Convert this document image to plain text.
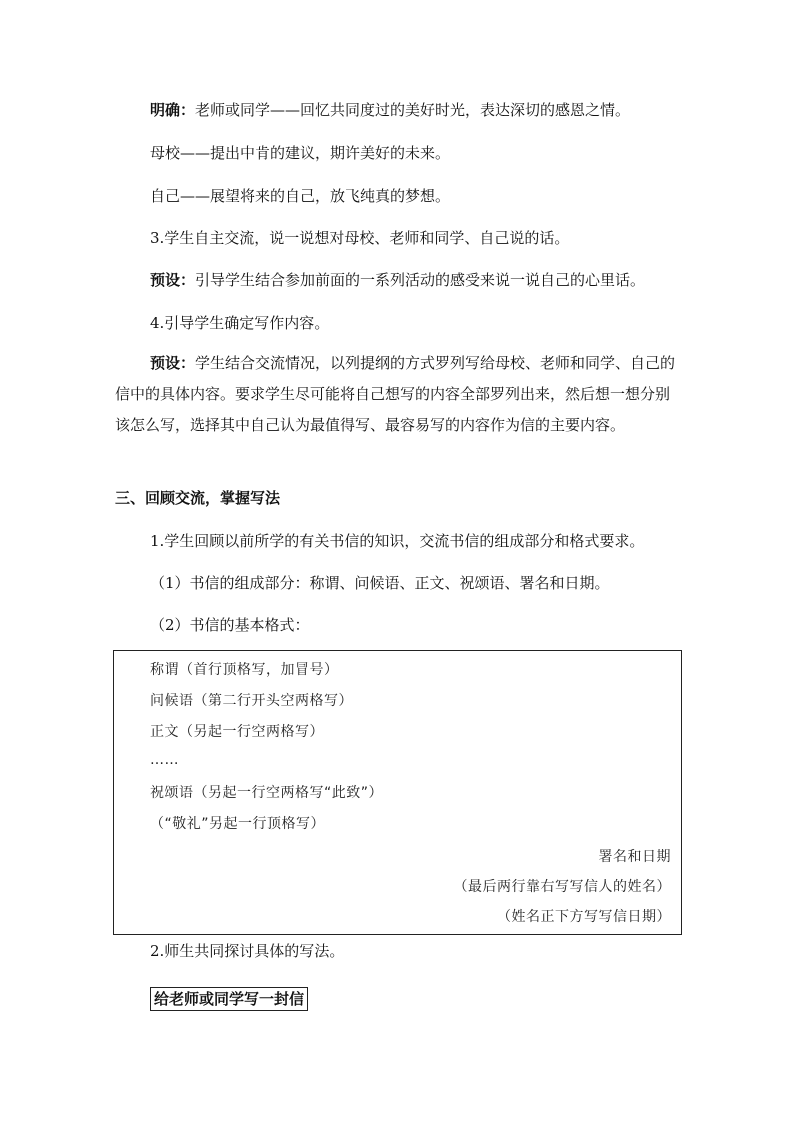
明确：老师或同学——回忆共同度过的美好时光，表达深切的感恩之情。

母校——提出中肯的建议，期许美好的未来。

自己——展望将来的自己，放飞纯真的梦想。

3.学生自主交流，说一说想对母校、老师和同学、自己说的话。

预设：引导学生结合参加前面的一系列活动的感受来说一说自己的心里话。

4.引导学生确定写作内容。

预设：学生结合交流情况，以列提纲的方式罗列写给母校、老师和同学、自己的信中的具体内容。要求学生尽可能将自己想写的内容全部罗列出来，然后想一想分别该怎么写，选择其中自己认为最值得写、最容易写的内容作为信的主要内容。

三、回顾交流，掌握写法

1.学生回顾以前所学的有关书信的知识，交流书信的组成部分和格式要求。

（1）书信的组成部分：称谓、问候语、正文、祝颂语、署名和日期。

（2）书信的基本格式：

称谓（首行顶格写，加冒号）

问候语（第二行开头空两格写）

正文（另起一行空两格写）

……

祝颂语（另起一行空两格写“此致”）

（“敬礼”另起一行顶格写）

署名和日期

（最后两行靠右写写信人的姓名）

（姓名正下方写写信日期）

2.师生共同探讨具体的写法。

给老师或同学写一封信
